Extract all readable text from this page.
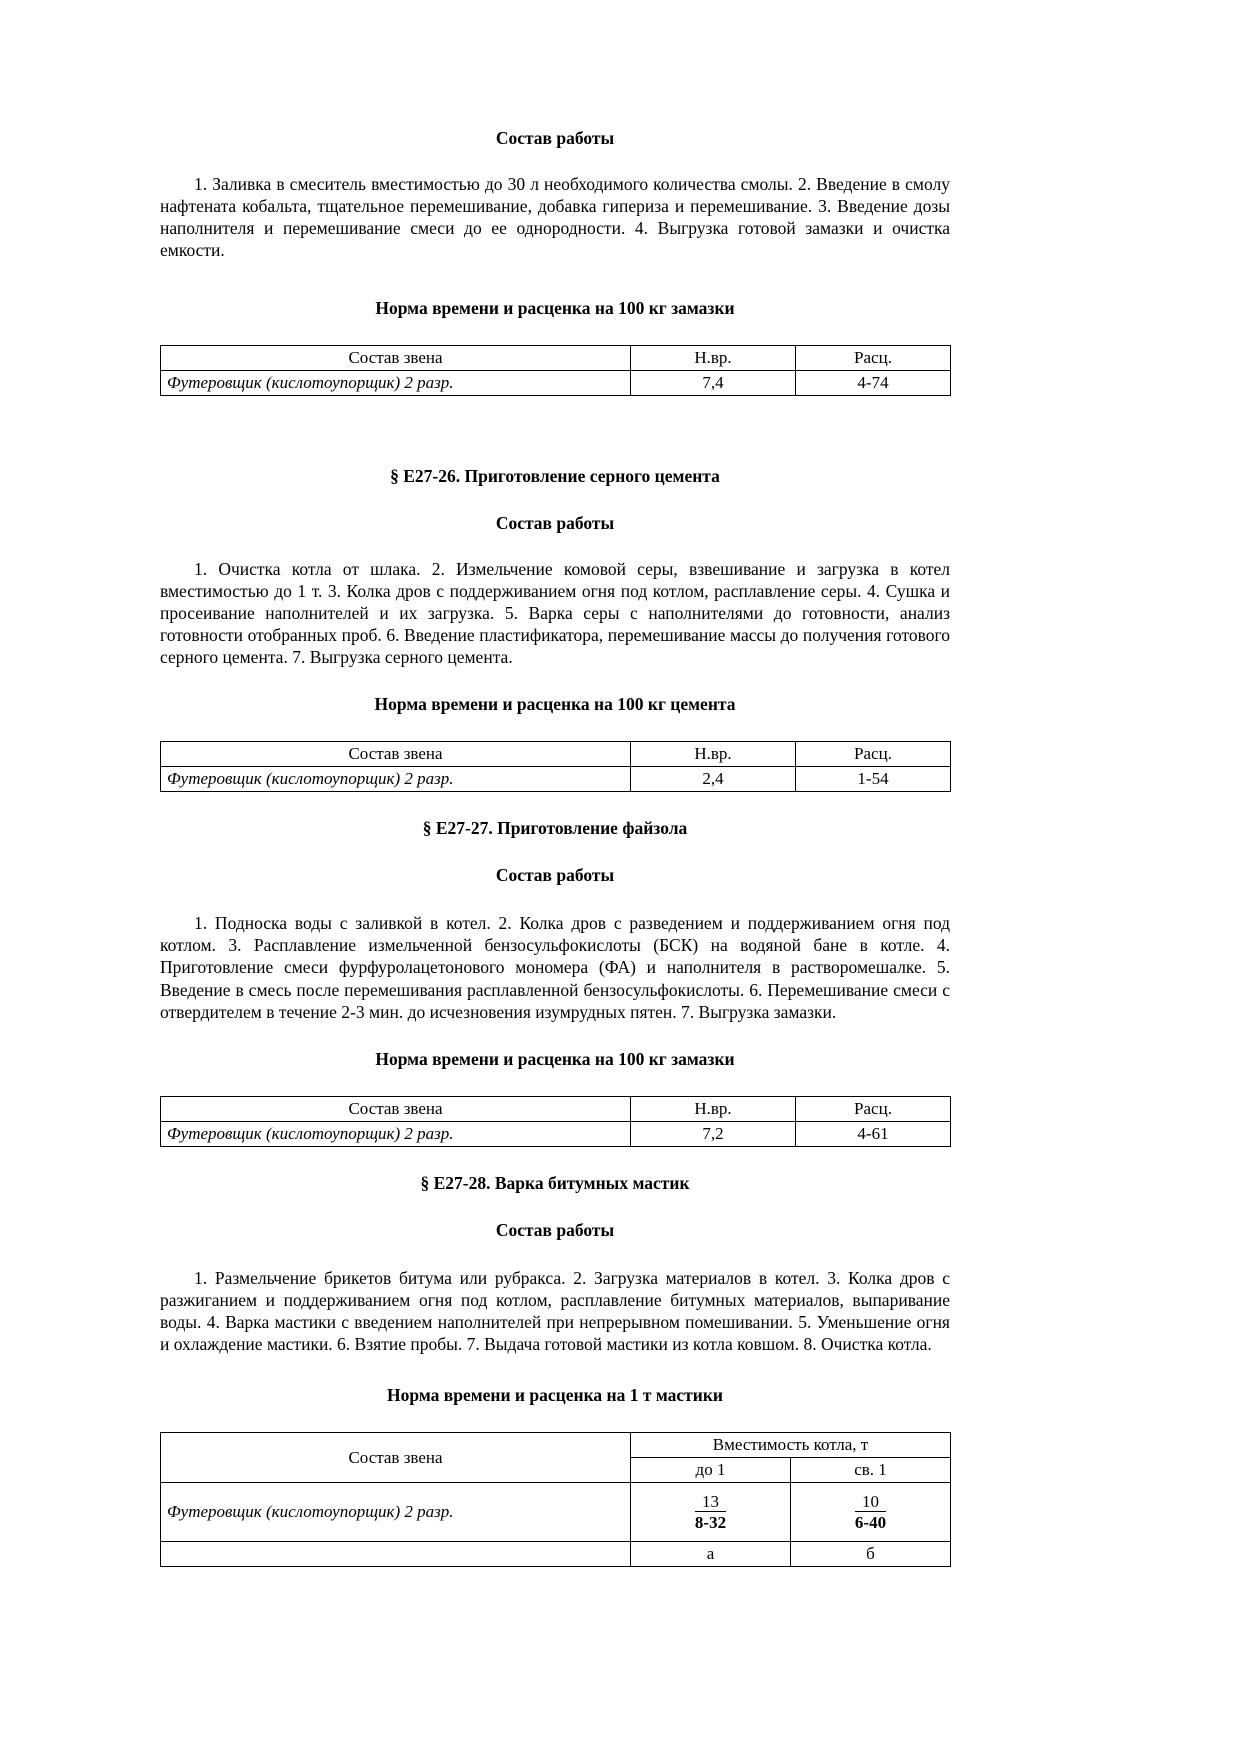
Состав работы
1. Заливка в смеситель вместимостью до 30 л необходимого количества смолы. 2. Введение в смолу нафтената кобальта, тщательное перемешивание, добавка гипериза и перемешивание. 3. Введение дозы наполнителя и перемешивание смеси до ее однородности. 4. Выгрузка готовой замазки и очистка емкости.
Норма времени и расценка на 100 кг замазки
Состав звена	Н.вр.	Расц.
Футеровщик (кислотоупорщик) 2 разр.	7,4	4-74
§ Е27-26. Приготовление серного цемента
Состав работы
1. Очистка котла от шлака. 2. Измельчение комовой серы, взвешивание и загрузка в котел вместимостью до 1 т. 3. Колка дров с поддерживанием огня под котлом, расплавление серы. 4. Сушка и просеивание наполнителей и их загрузка. 5. Варка серы с наполнителями до готовности, анализ готовности отобранных проб. 6. Введение пластификатора, перемешивание массы до получения готового серного цемента. 7. Выгрузка серного цемента.
Норма времени и расценка на 100 кг цемента
Состав звена	Н.вр.	Расц.
Футеровщик (кислотоупорщик) 2 разр.	2,4	1-54
§ Е27-27. Приготовление файзола
Состав работы
1. Подноска воды с заливкой в котел. 2. Колка дров с разведением и поддерживанием огня под котлом. 3. Расплавление измельченной бензосульфокислоты (БСК) на водяной бане в котле. 4. Приготовление смеси фурфуролацетонового мономера (ФА) и наполнителя в растворомешалке. 5. Введение в смесь после перемешивания расплавленной бензосульфокислоты. 6. Перемешивание смеси с отвердителем в течение 2-3 мин. до исчезновения изумрудных пятен. 7. Выгрузка замазки.
Норма времени и расценка на 100 кг замазки
Состав звена	Н.вр.	Расц.
Футеровщик (кислотоупорщик) 2 разр.	7,2	4-61
§ Е27-28. Варка битумных мастик
Состав работы
1. Размельчение брикетов битума или рубракса. 2. Загрузка материалов в котел. 3. Колка дров с разжиганием и поддерживанием огня под котлом, расплавление битумных материалов, выпаривание воды. 4. Варка мастики с введением наполнителей при непрерывном помешивании. 5. Уменьшение огня и охлаждение мастики. 6. Взятие пробы. 7. Выдача готовой мастики из котла ковшом. 8. Очистка котла.
Норма времени и расценка на 1 т мастики
Состав звена	Вместимость котла, т	
	до 1	св. 1
Футеровщик (кислотоупорщик) 2 разр.	$\frac{13}{8-32}$	$\frac{10}{6-40}$

	а	б
